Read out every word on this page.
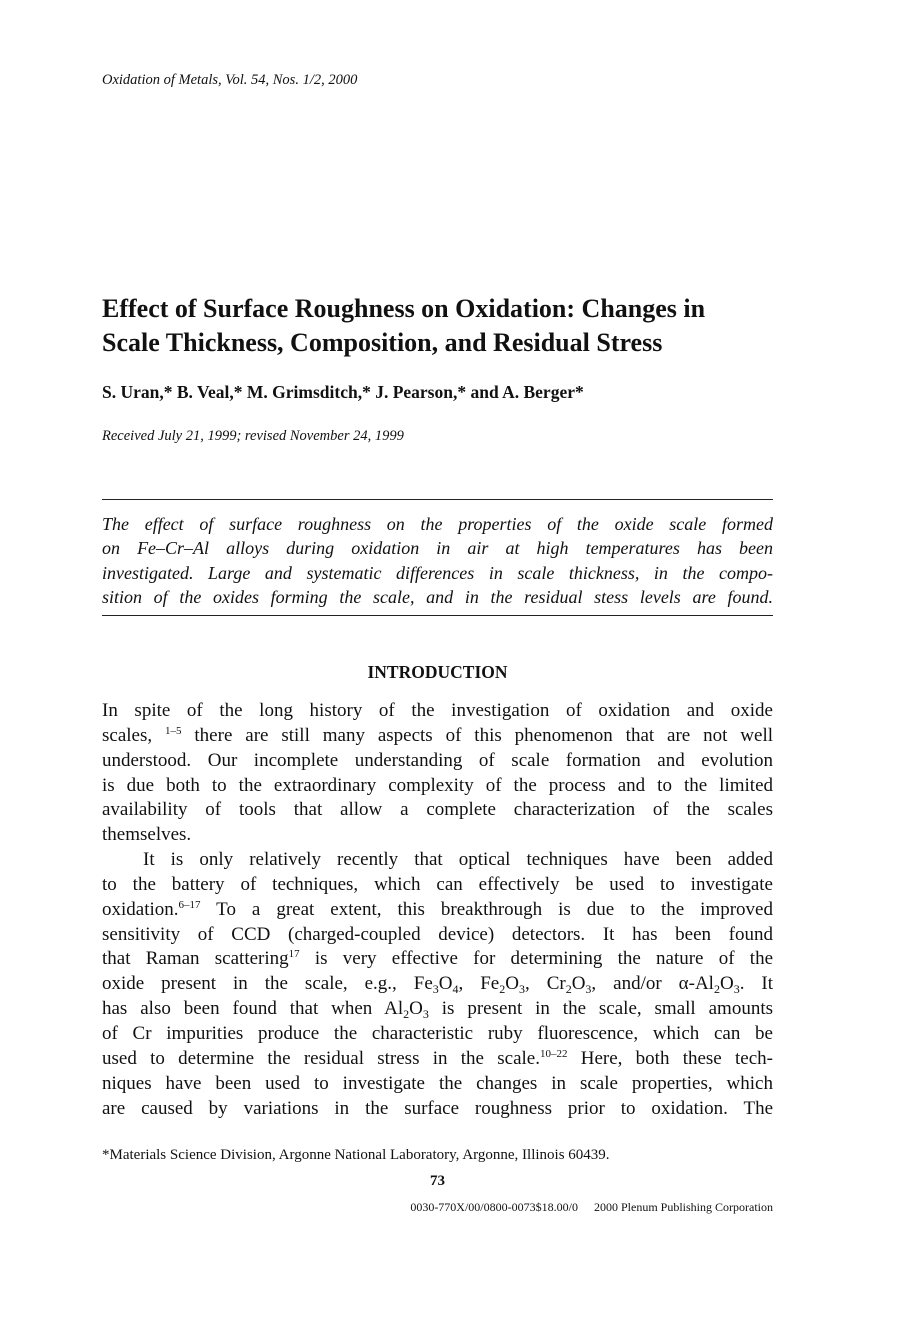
Oxidation of Metals, Vol. 54, Nos. 1/2, 2000
Effect of Surface Roughness on Oxidation: Changes in
Scale Thickness, Composition, and Residual Stress
S. Uran,* B. Veal,* M. Grimsditch,* J. Pearson,* and A. Berger*
Received July 21, 1999; revised November 24, 1999
The effect of surface roughness on the properties of the oxide scale formed
on Fe–Cr–Al alloys during oxidation in air at high temperatures has been
investigated. Large and systematic differences in scale thickness, in the compo-
sition of the oxides forming the scale, and in the residual stess levels are found.
INTRODUCTION
In spite of the long history of the investigation of oxidation and oxide
scales, $^{1-5}$ there are still many aspects of this phenomenon that are not well
understood. Our incomplete understanding of scale formation and evolution
is due both to the extraordinary complexity of the process and to the limited
availability of tools that allow a complete characterization of the scales
themselves.
It is only relatively recently that optical techniques have been added
to the battery of techniques, which can effectively be used to investigate
oxidation.$^{6-17}$ To a great extent, this breakthrough is due to the improved
sensitivity of CCD (charged-coupled device) detectors. It has been found
that Raman scattering$^{17}$ is very effective for determining the nature of the
oxide present in the scale, e.g., $Fe_3O_4$, $Fe_2O_3$, $Cr_2O_3$, and/or $\alpha-Al_2O_3$. It
has also been found that when $Al_2O_3$ is present in the scale, small amounts
of Cr impurities produce the characteristic ruby fluorescence, which can be
used to determine the residual stress in the scale.$^{10-22}$ Here, both these tech-
niques have been used to investigate the changes in scale properties, which
are caused by variations in the surface roughness prior to oxidation. The
*Materials Science Division, Argonne National Laboratory, Argonne, Illinois 60439.
73
0030-770X/00/0800-0073$18.00/0 2000 Plenum Publishing Corporation
